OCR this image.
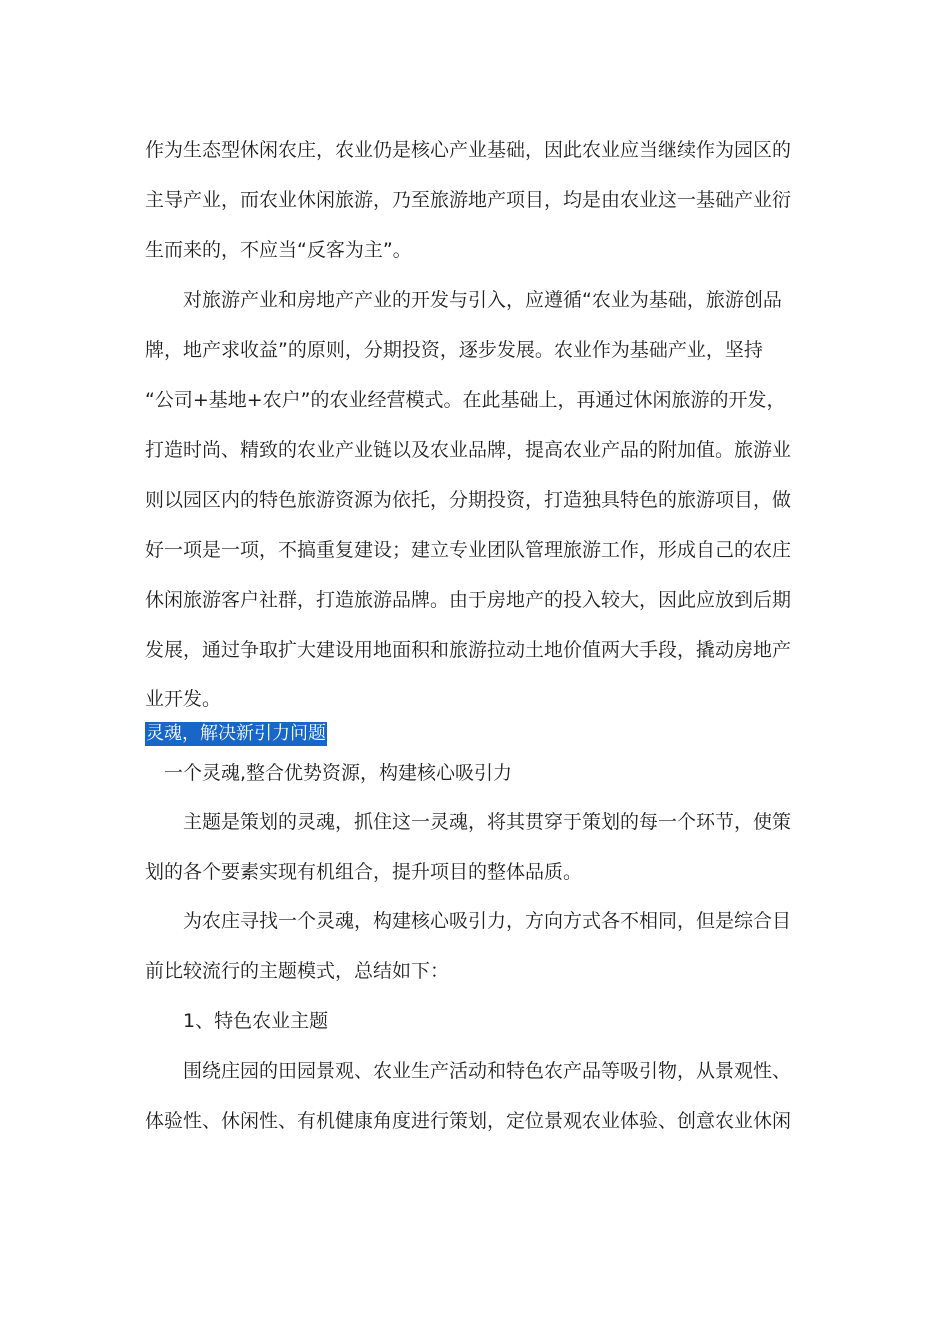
作为生态型休闲农庄，农业仍是核心产业基础，因此农业应当继续作为园区的
主导产业，而农业休闲旅游，乃至旅游地产项目，均是由农业这一基础产业衍
生而来的，不应当“反客为主”。
　　对旅游产业和房地产产业的开发与引入，应遵循“农业为基础，旅游创品
牌，地产求收益”的原则，分期投资，逐步发展。农业作为基础产业，坚持
“公司+基地+农户”的农业经营模式。在此基础上，再通过休闲旅游的开发，
打造时尚、精致的农业产业链以及农业品牌，提高农业产品的附加值。旅游业
则以园区内的特色旅游资源为依托，分期投资，打造独具特色的旅游项目，做
好一项是一项，不搞重复建设；建立专业团队管理旅游工作，形成自己的农庄
休闲旅游客户社群，打造旅游品牌。由于房地产的投入较大，因此应放到后期
发展，通过争取扩大建设用地面积和旅游拉动土地价值两大手段，撬动房地产
业开发。
灵魂，解决新引力问题
　一个灵魂,整合优势资源，构建核心吸引力
　　主题是策划的灵魂，抓住这一灵魂，将其贯穿于策划的每一个环节，使策
划的各个要素实现有机组合，提升项目的整体品质。
　　为农庄寻找一个灵魂，构建核心吸引力，方向方式各不相同，但是综合目
前比较流行的主题模式，总结如下：
　　1、特色农业主题
　　围绕庄园的田园景观、农业生产活动和特色农产品等吸引物，从景观性、
体验性、休闲性、有机健康角度进行策划，定位景观农业体验、创意农业休闲
